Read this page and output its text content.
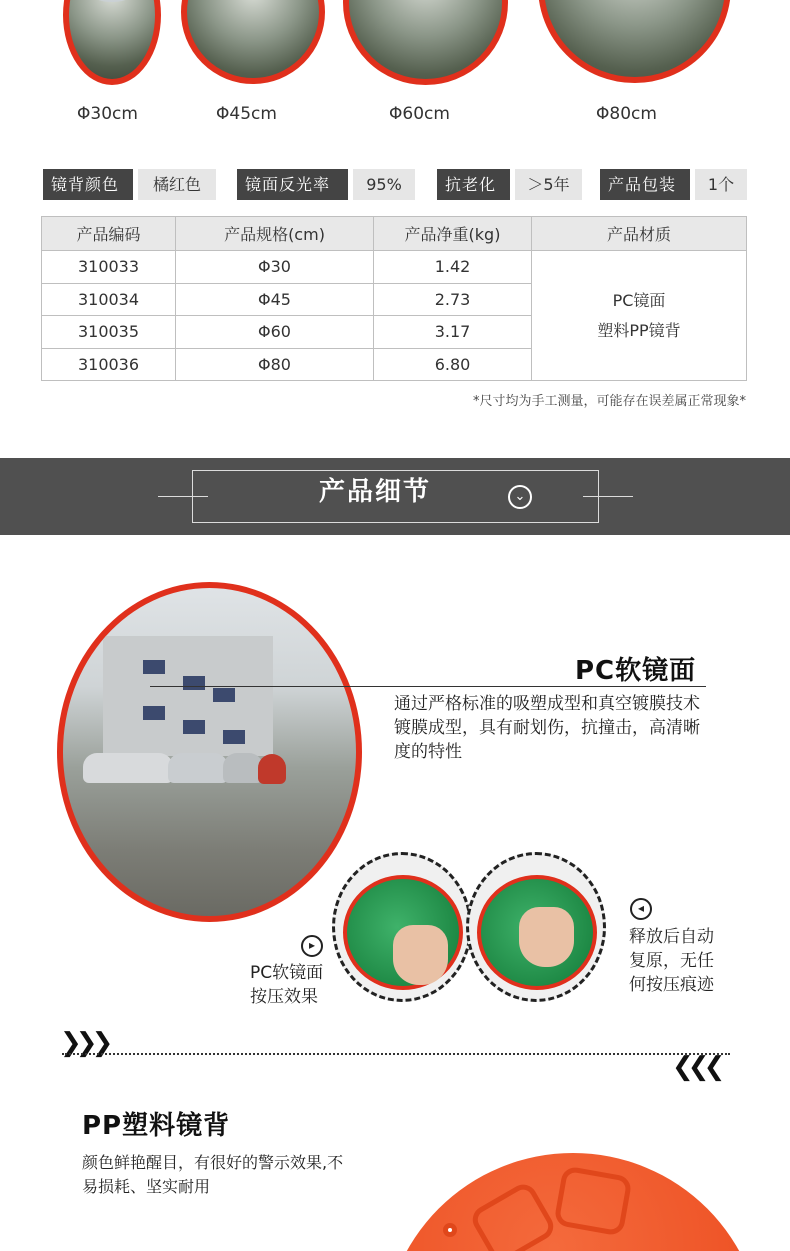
Φ30cm	Φ45cm	Φ60cm	Φ80cm
镜背颜色	橘红色	镜面反光率	95%	抗老化	＞5年	产品包装	1个
产品编码	产品规格(cm)	产品净重(kg)	产品材质
310033	Φ30	1.42	PC镜面
塑料PP镜背

310034	Φ45	2.73	
310035	Φ60	3.17	
310036	Φ80	6.80	
*尺寸均为手工测量，可能存在误差属正常现象*
产品细节	⌄
PC软镜面
通过严格标准的吸塑成型和真空镀膜技术镀膜成型，具有耐划伤，抗撞击，高清晰度的特性
▸
PC软镜面
按压效果
◂
释放后自动
复原，无任
何按压痕迹
❯❯❯
❮❮❮
PP塑料镜背
颜色鲜艳醒目，有很好的警示效果,不
易损耗、坚实耐用
